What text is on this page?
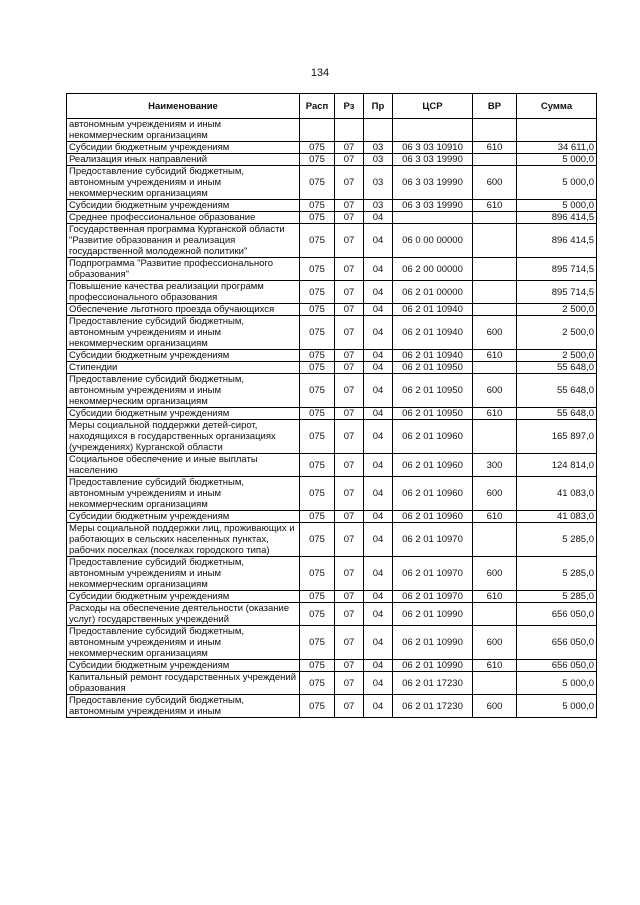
134
Наименование	Расп	Рз	Пр	ЦСР	ВР	Сумма
автономным учреждениям и иным некоммерческим организациям						
Субсидии бюджетным учреждениям	075	07	03	06 3 03 10910	610	34 611,0
Реализация иных направлений	075	07	03	06 3 03 19990		5 000,0
Предоставление субсидий бюджетным, автономным учреждениям и иным некоммерческим организациям	075	07	03	06 3 03 19990	600	5 000,0
Субсидии бюджетным учреждениям	075	07	03	06 3 03 19990	610	5 000,0
Среднее профессиональное образование	075	07	04			896 414,5
Государственная программа Курганской области "Развитие образования и реализация государственной молодежной политики"	075	07	04	06 0 00 00000		896 414,5
Подпрограмма "Развитие профессионального образования"	075	07	04	06 2 00 00000		895 714,5
Повышение качества реализации программ профессионального образования	075	07	04	06 2 01 00000		895 714,5
Обеспечение льготного проезда обучающихся	075	07	04	06 2 01 10940		2 500,0
Предоставление субсидий бюджетным, автономным учреждениям и иным некоммерческим организациям	075	07	04	06 2 01 10940	600	2 500,0
Субсидии бюджетным учреждениям	075	07	04	06 2 01 10940	610	2 500,0
Стипендии	075	07	04	06 2 01 10950		55 648,0
Предоставление субсидий бюджетным, автономным учреждениям и иным некоммерческим организациям	075	07	04	06 2 01 10950	600	55 648,0
Субсидии бюджетным учреждениям	075	07	04	06 2 01 10950	610	55 648,0
Меры социальной поддержки детей-сирот, находящихся в государственных организациях (учреждениях) Курганской области	075	07	04	06 2 01 10960		165 897,0
Социальное обеспечение и иные выплаты населению	075	07	04	06 2 01 10960	300	124 814,0
Предоставление субсидий бюджетным, автономным учреждениям и иным некоммерческим организациям	075	07	04	06 2 01 10960	600	41 083,0
Субсидии бюджетным учреждениям	075	07	04	06 2 01 10960	610	41 083,0
Меры социальной поддержки лиц, проживающих и работающих в сельских населенных пунктах, рабочих поселках (поселках городского типа)	075	07	04	06 2 01 10970		5 285,0
Предоставление субсидий бюджетным, автономным учреждениям и иным некоммерческим организациям	075	07	04	06 2 01 10970	600	5 285,0
Субсидии бюджетным учреждениям	075	07	04	06 2 01 10970	610	5 285,0
Расходы на обеспечение деятельности (оказание услуг) государственных учреждений	075	07	04	06 2 01 10990		656 050,0
Предоставление субсидий бюджетным, автономным учреждениям и иным некоммерческим организациям	075	07	04	06 2 01 10990	600	656 050,0
Субсидии бюджетным учреждениям	075	07	04	06 2 01 10990	610	656 050,0
Капитальный ремонт государственных учреждений образования	075	07	04	06 2 01 17230		5 000,0
Предоставление субсидий бюджетным, автономным учреждениям и иным	075	07	04	06 2 01 17230	600	5 000,0
